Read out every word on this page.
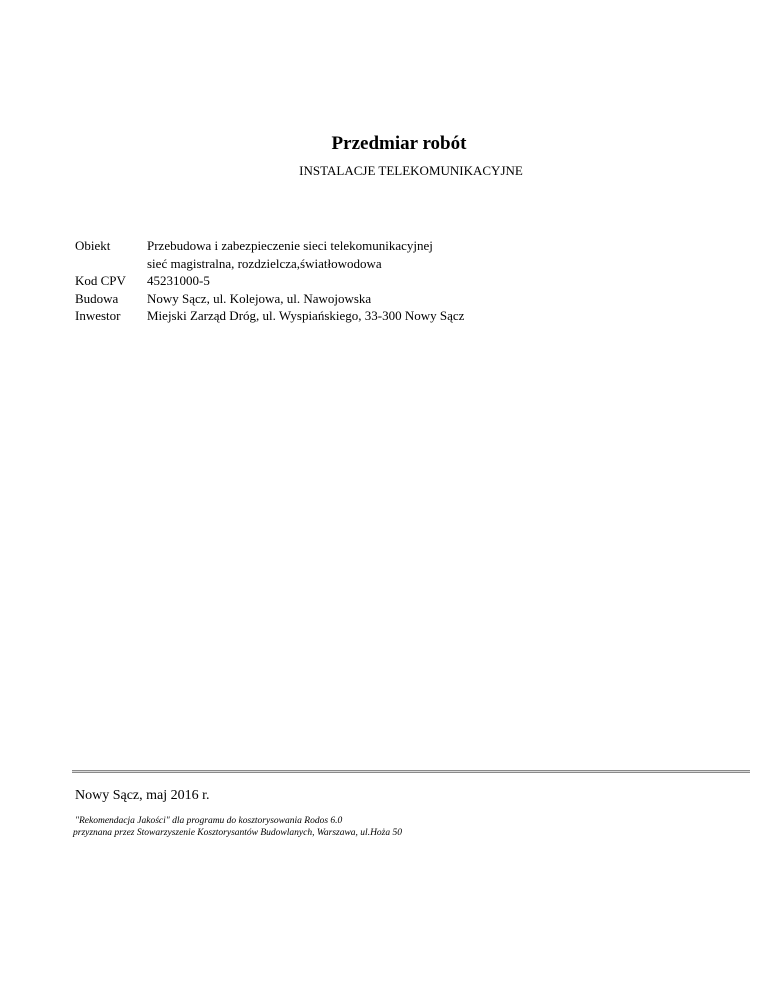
Przedmiar robót
INSTALACJE TELEKOMUNIKACYJNE
Obiekt	Przebudowa i zabezpieczenie sieci telekomunikacyjnej
sieć magistralna, rozdzielcza,światłowodowa
Kod CPV	45231000-5
Budowa	Nowy Sącz, ul. Kolejowa, ul. Nawojowska
Inwestor	Miejski Zarząd Dróg, ul. Wyspiańskiego, 33-300 Nowy Sącz
Nowy Sącz, maj 2016 r.
"Rekomendacja Jakości" dla programu do kosztorysowania Rodos 6.0
przyznana przez Stowarzyszenie Kosztorysantów Budowlanych, Warszawa, ul.Hoża 50
